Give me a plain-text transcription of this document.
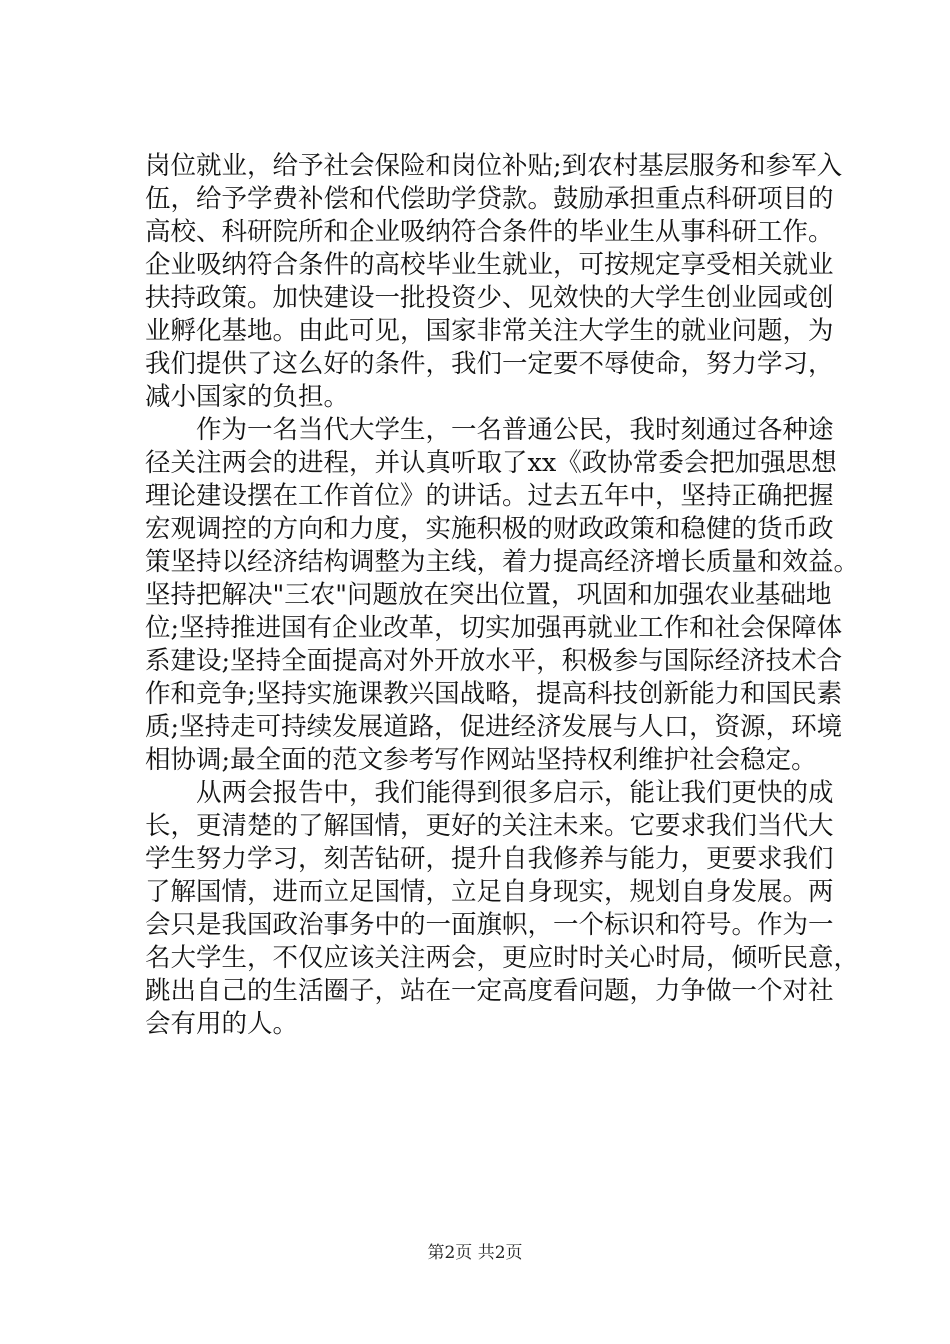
岗位就业，给予社会保险和岗位补贴;到农村基层服务和参军入
伍，给予学费补偿和代偿助学贷款。鼓励承担重点科研项目的
高校、科研院所和企业吸纳符合条件的毕业生从事科研工作。
企业吸纳符合条件的高校毕业生就业，可按规定享受相关就业
扶持政策。加快建设一批投资少、见效快的大学生创业园或创
业孵化基地。由此可见，国家非常关注大学生的就业问题，为
我们提供了这么好的条件，我们一定要不辱使命，努力学习，
减小国家的负担。
　　作为一名当代大学生，一名普通公民，我时刻通过各种途
径关注两会的进程，并认真听取了xx《政协常委会把加强思想
理论建设摆在工作首位》的讲话。过去五年中，坚持正确把握
宏观调控的方向和力度，实施积极的财政政策和稳健的货币政
策坚持以经济结构调整为主线，着力提高经济增长质量和效益。
坚持把解决"三农"问题放在突出位置，巩固和加强农业基础地
位;坚持推进国有企业改革，切实加强再就业工作和社会保障体
系建设;坚持全面提高对外开放水平，积极参与国际经济技术合
作和竞争;坚持实施课教兴国战略，提高科技创新能力和国民素
质;坚持走可持续发展道路，促进经济发展与人口，资源，环境
相协调;最全面的范文参考写作网站坚持权利维护社会稳定。
　　从两会报告中，我们能得到很多启示，能让我们更快的成
长，更清楚的了解国情，更好的关注未来。它要求我们当代大
学生努力学习，刻苦钻研，提升自我修养与能力，更要求我们
了解国情，进而立足国情，立足自身现实，规划自身发展。两
会只是我国政治事务中的一面旗帜，一个标识和符号。作为一
名大学生，不仅应该关注两会，更应时时关心时局，倾听民意，
跳出自己的生活圈子，站在一定高度看问题，力争做一个对社
会有用的人。
第2页 共2页
